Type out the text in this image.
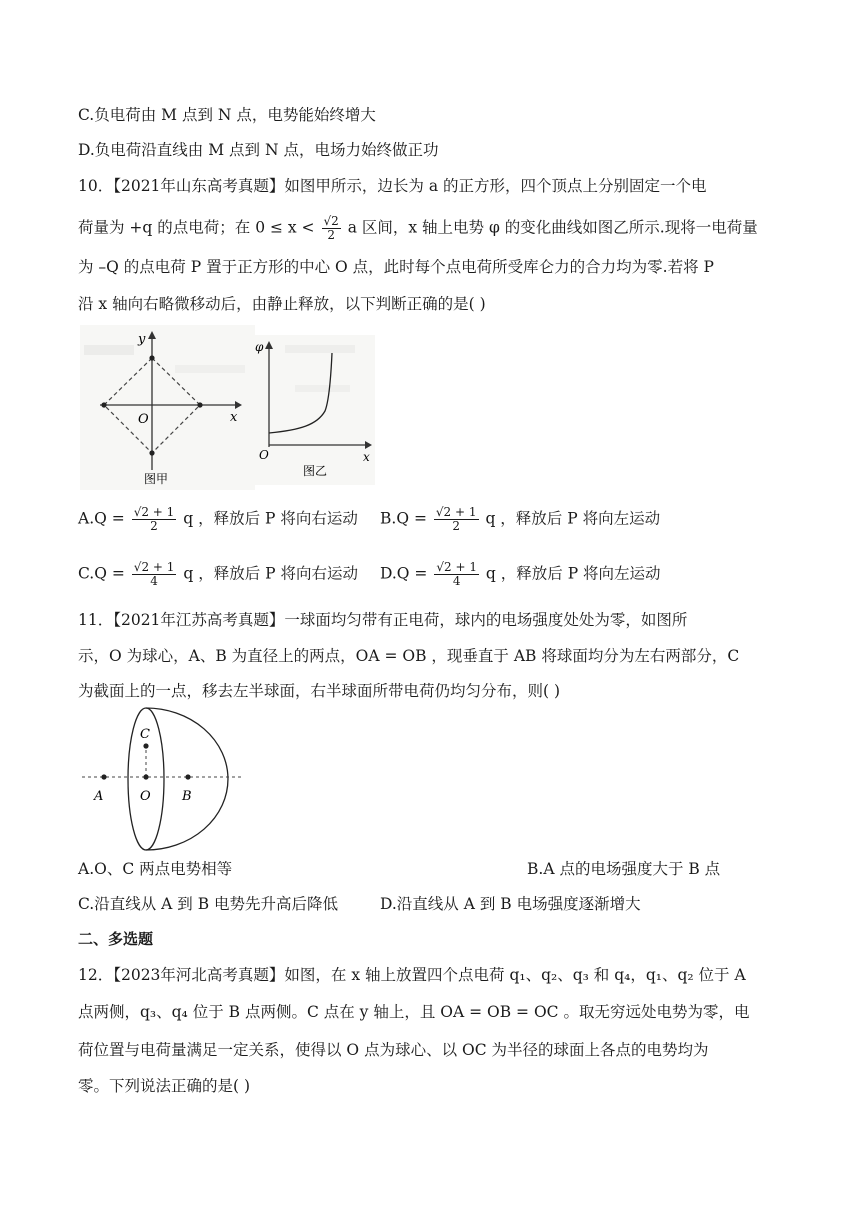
C.负电荷由 M 点到 N 点，电势能始终增大
D.负电荷沿直线由 M 点到 N 点，电场力始终做正功
10．【2021年山东高考真题】如图甲所示，边长为 a 的正方形，四个顶点上分别固定一个电
荷量为 +q 的点电荷；在 $0 \le x < \frac{√2}{2}$ a 区间，x 轴上电势 φ 的变化曲线如图乙所示.现将一电荷量
为 –Q 的点电荷 P 置于正方形的中心 O 点，此时每个点电荷所受库仑力的合力均为零.若将 P
沿 x 轴向右略微移动后，由静止释放，以下判断正确的是( )
y
x
O
图甲
φ
x
O
图乙
$A.Q = \frac{√2 + 1}{2}$ q ，释放后 P 将向右运动 $B.Q = \frac{√2 + 1}{2}$ q ，释放后 P 将向左运动
$C.Q = \frac{√2 + 1}{4}$ q ，释放后 P 将向右运动 $D.Q = \frac{√2 + 1}{4}$ q ，释放后 P 将向左运动
11．【2021年江苏高考真题】一球面均匀带有正电荷，球内的电场强度处处为零，如图所
示，O 为球心，A、B 为直径上的两点，OA = OB ，现垂直于 AB 将球面均分为左右两部分，C
为截面上的一点，移去左半球面，右半球面所带电荷仍均匀分布，则( )
A	O B
C
A.O、C 两点电势相等	B.A 点的电场强度大于 B 点
C.沿直线从 A 到 B 电势先升高后降低	D.沿直线从 A 到 B 电场强度逐渐增大
二、多选题
12．【2023年河北高考真题】如图，在 x 轴上放置四个点电荷 q₁、q₂、q₃ 和 q₄，q₁、q₂ 位于 A
点两侧，q₃、q₄ 位于 B 点两侧。C 点在 y 轴上，且 OA = OB = OC 。取无穷远处电势为零，电
荷位置与电荷量满足一定关系，使得以 O 点为球心、以 OC 为半径的球面上各点的电势均为
零。下列说法正确的是( )
